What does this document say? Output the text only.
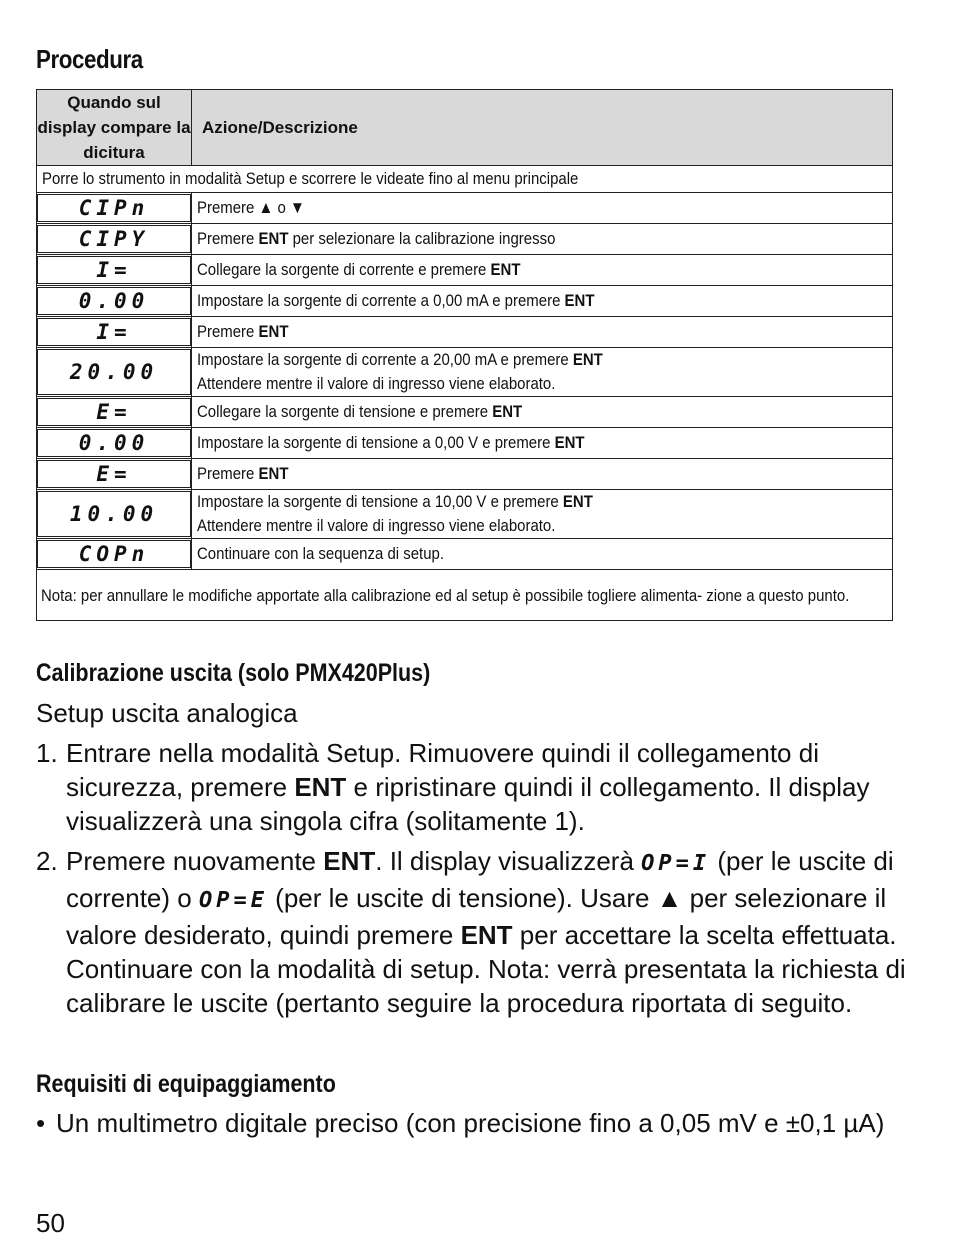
Procedura
Quando sul display compare la dicitura	Azione/Descrizione
Porre lo strumento in modalità Setup e scorrere le videate fino al menu principale	

CIPn	Premere ▲ o ▼

CIPY	Premere ENT per selezionare la calibrazione ingresso

I=	Collegare la sorgente di corrente e premere ENT

0.00	Impostare la sorgente di corrente a 0,00 mA e premere ENT

I=	Premere ENT

20.00	Impostare la sorgente di corrente a 20,00 mA e premere ENT
Attendere mentre il valore di ingresso viene elaborato.

E=	Collegare la sorgente di tensione e premere ENT

0.00	Impostare la sorgente di tensione a 0,00 V e premere ENT

E=	Premere ENT

10.00	Impostare la sorgente di tensione a 10,00 V e premere ENT
Attendere mentre il valore di ingresso viene elaborato.

COPn	Continuare con la sequenza di setup.

Nota: per annullare le modifiche apportate alla calibrazione ed al setup è possibile togliere alimenta- zione a questo punto.	
Calibrazione uscita (solo PMX420Plus)
Setup uscita analogica
1. Entrare nella modalità Setup. Rimuovere quindi il collegamento di sicurezza, premere ENT e ripristinare quindi il collegamento. Il display visualizzerà una singola cifra (solitamente 1).
2. Premere nuovamente ENT. Il display visualizzerà OP=I (per le uscite di corrente) o OP=E (per le uscite di tensione). Usare ▲ per selezionare il valore desiderato, quindi premere ENT per accettare la scelta effettuata. Continuare con la modalità di setup. Nota: verrà presentata la richiesta di calibrare le uscite (pertanto seguire la procedura riportata di seguito.
Requisiti di equipaggiamento
• Un multimetro digitale preciso (con precisione fino a 0,05 mV e ±0,1 µA)
50
